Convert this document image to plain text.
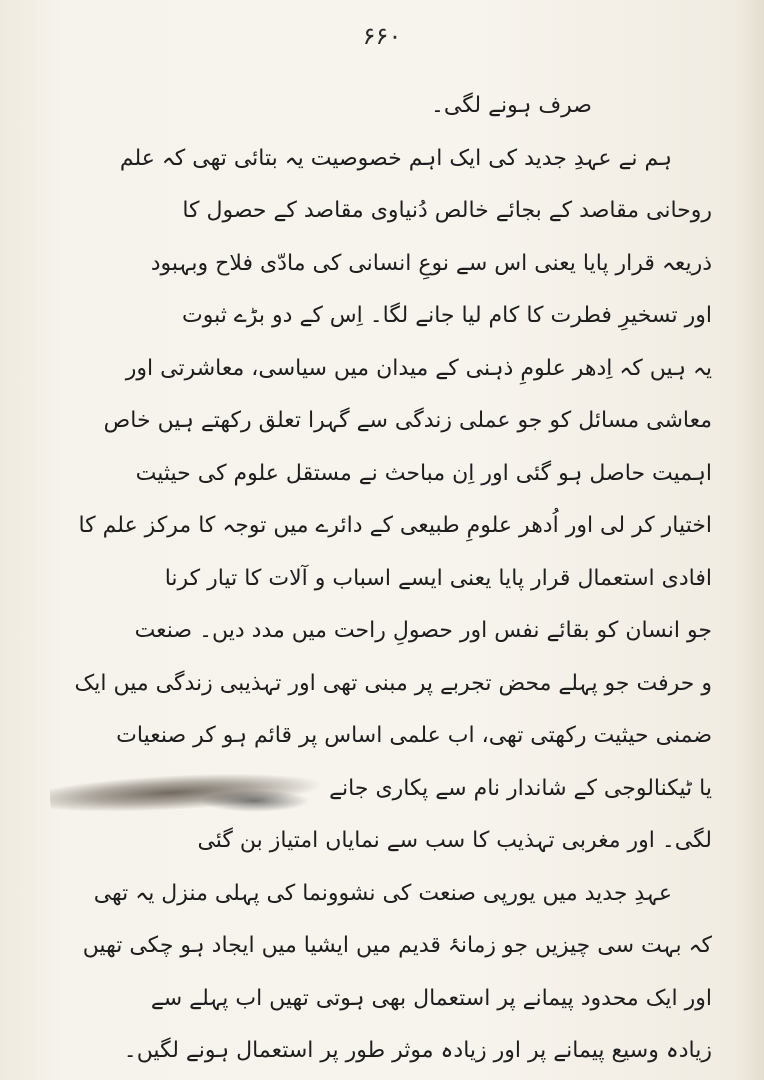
۶۶۰
صرف ہونے لگی۔
ہم نے عہدِ جدید کی ایک اہم خصوصیت یہ بتائی تھی کہ علم
روحانی مقاصد کے بجائے خالص دُنیاوی مقاصد کے حصول کا
ذریعہ قرار پایا یعنی اس سے نوعِ انسانی کی مادّی فلاح وبہبود
اور تسخیرِ فطرت کا کام لیا جانے لگا۔ اِس کے دو بڑے ثبوت
یہ ہیں کہ اِدھر علومِ ذہنی کے میدان میں سیاسی، معاشرتی اور
معاشی مسائل کو جو عملی زندگی سے گہرا تعلق رکھتے ہیں خاص
اہمیت حاصل ہو گئی اور اِن مباحث نے مستقل علوم کی حیثیت
اختیار کر لی اور اُدھر علومِ طبیعی کے دائرے میں توجہ کا مرکز علم کا
افادی استعمال قرار پایا یعنی ایسے اسباب و آلات کا تیار کرنا
جو انسان کو بقائے نفس اور حصولِ راحت میں مدد دیں۔ صنعت
و حرفت جو پہلے محض تجربے پر مبنی تھی اور تہذیبی زندگی میں ایک
ضمنی حیثیت رکھتی تھی، اب علمی اساس پر قائم ہو کر صنعیات
یا ٹیکنالوجی کے شاندار نام سے پکاری جانے
لگی۔ اور مغربی تہذیب کا سب سے نمایاں امتیاز بن گئی
عہدِ جدید میں یورپی صنعت کی نشوونما کی پہلی منزل یہ تھی
کہ بہت سی چیزیں جو زمانۂ قدیم میں ایشیا میں ایجاد ہو چکی تھیں
اور ایک محدود پیمانے پر استعمال بھی ہوتی تھیں اب پہلے سے
زیادہ وسیع پیمانے پر اور زیادہ موثر طور پر استعمال ہونے لگیں۔
